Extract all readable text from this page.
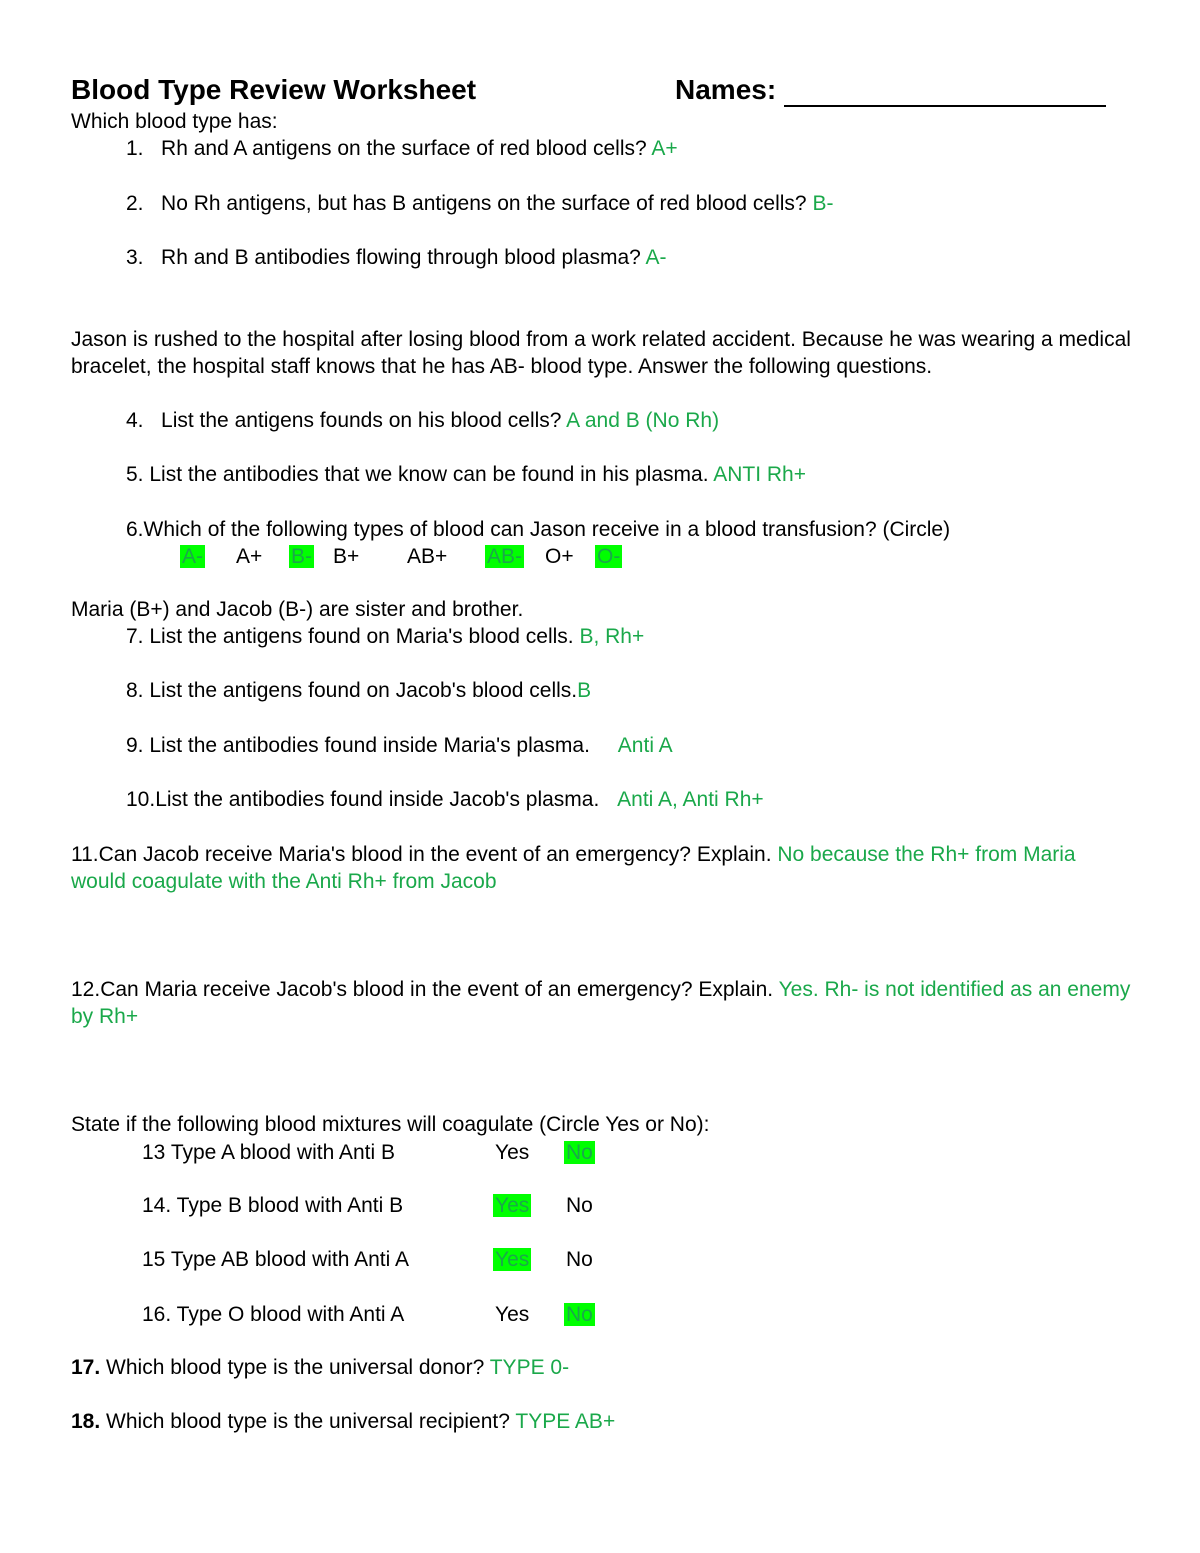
Blood Type Review Worksheet	Names:
Which blood type has:
1. Rh and A antigens on the surface of red blood cells? A+
2. No Rh antigens, but has B antigens on the surface of red blood cells? B-
3. Rh and B antibodies flowing through blood plasma? A-
Jason is rushed to the hospital after losing blood from a work related accident. Because he was wearing a medical bracelet, the hospital staff knows that he has AB- blood type. Answer the following questions.
4. List the antigens founds on his blood cells? A and B (No Rh)
5. List the antibodies that we know can be found in his plasma. ANTI Rh+
6.Which of the following types of blood can Jason receive in a blood transfusion? (Circle)
A- A+ B- B+ AB+ AB- O+ O-
Maria (B+) and Jacob (B-) are sister and brother.
7. List the antigens found on Maria's blood cells. B, Rh+
8. List the antigens found on Jacob's blood cells.B
9. List the antibodies found inside Maria's plasma. Anti A
10.List the antibodies found inside Jacob's plasma. Anti A, Anti Rh+
11.Can Jacob receive Maria's blood in the event of an emergency? Explain. No because the Rh+ from Maria would coagulate with the Anti Rh+ from Jacob
12.Can Maria receive Jacob's blood in the event of an emergency? Explain. Yes. Rh- is not identified as an enemy by Rh+
State if the following blood mixtures will coagulate (Circle Yes or No):
13 Type A blood with Anti B	Yes No
14. Type B blood with Anti B	Yes No
15 Type AB blood with Anti A	Yes No
16. Type O blood with Anti A	Yes No
17. Which blood type is the universal donor? TYPE 0-
18. Which blood type is the universal recipient? TYPE AB+
